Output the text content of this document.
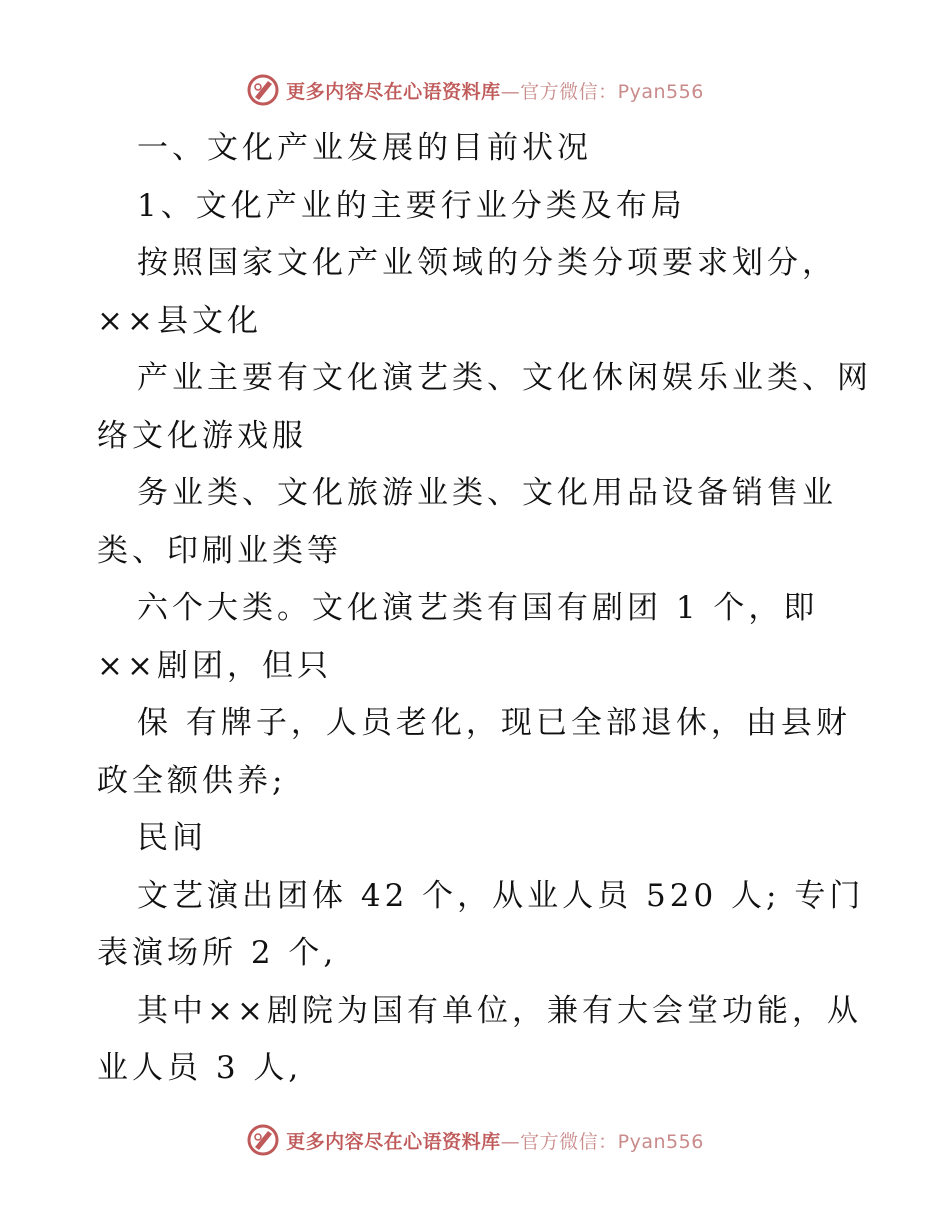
更多内容尽在心语资料库—官方微信：Pyan556
一、文化产业发展的目前状况
1、文化产业的主要行业分类及布局
按照国家文化产业领域的分类分项要求划分，
××县文化
产业主要有文化演艺类、文化休闲娱乐业类、网
络文化游戏服
务业类、文化旅游业类、文化用品设备销售业
类、印刷业类等
六个大类。文化演艺类有国有剧团 1 个，即
××剧团，但只
保 有牌子，人员老化，现已全部退休，由县财
政全额供养;
民间
文艺演出团体 42 个，从业人员 520 人; 专门
表演场所 2 个,
其中××剧院为国有单位，兼有大会堂功能，从
业人员 3 人,
更多内容尽在心语资料库—官方微信：Pyan556
